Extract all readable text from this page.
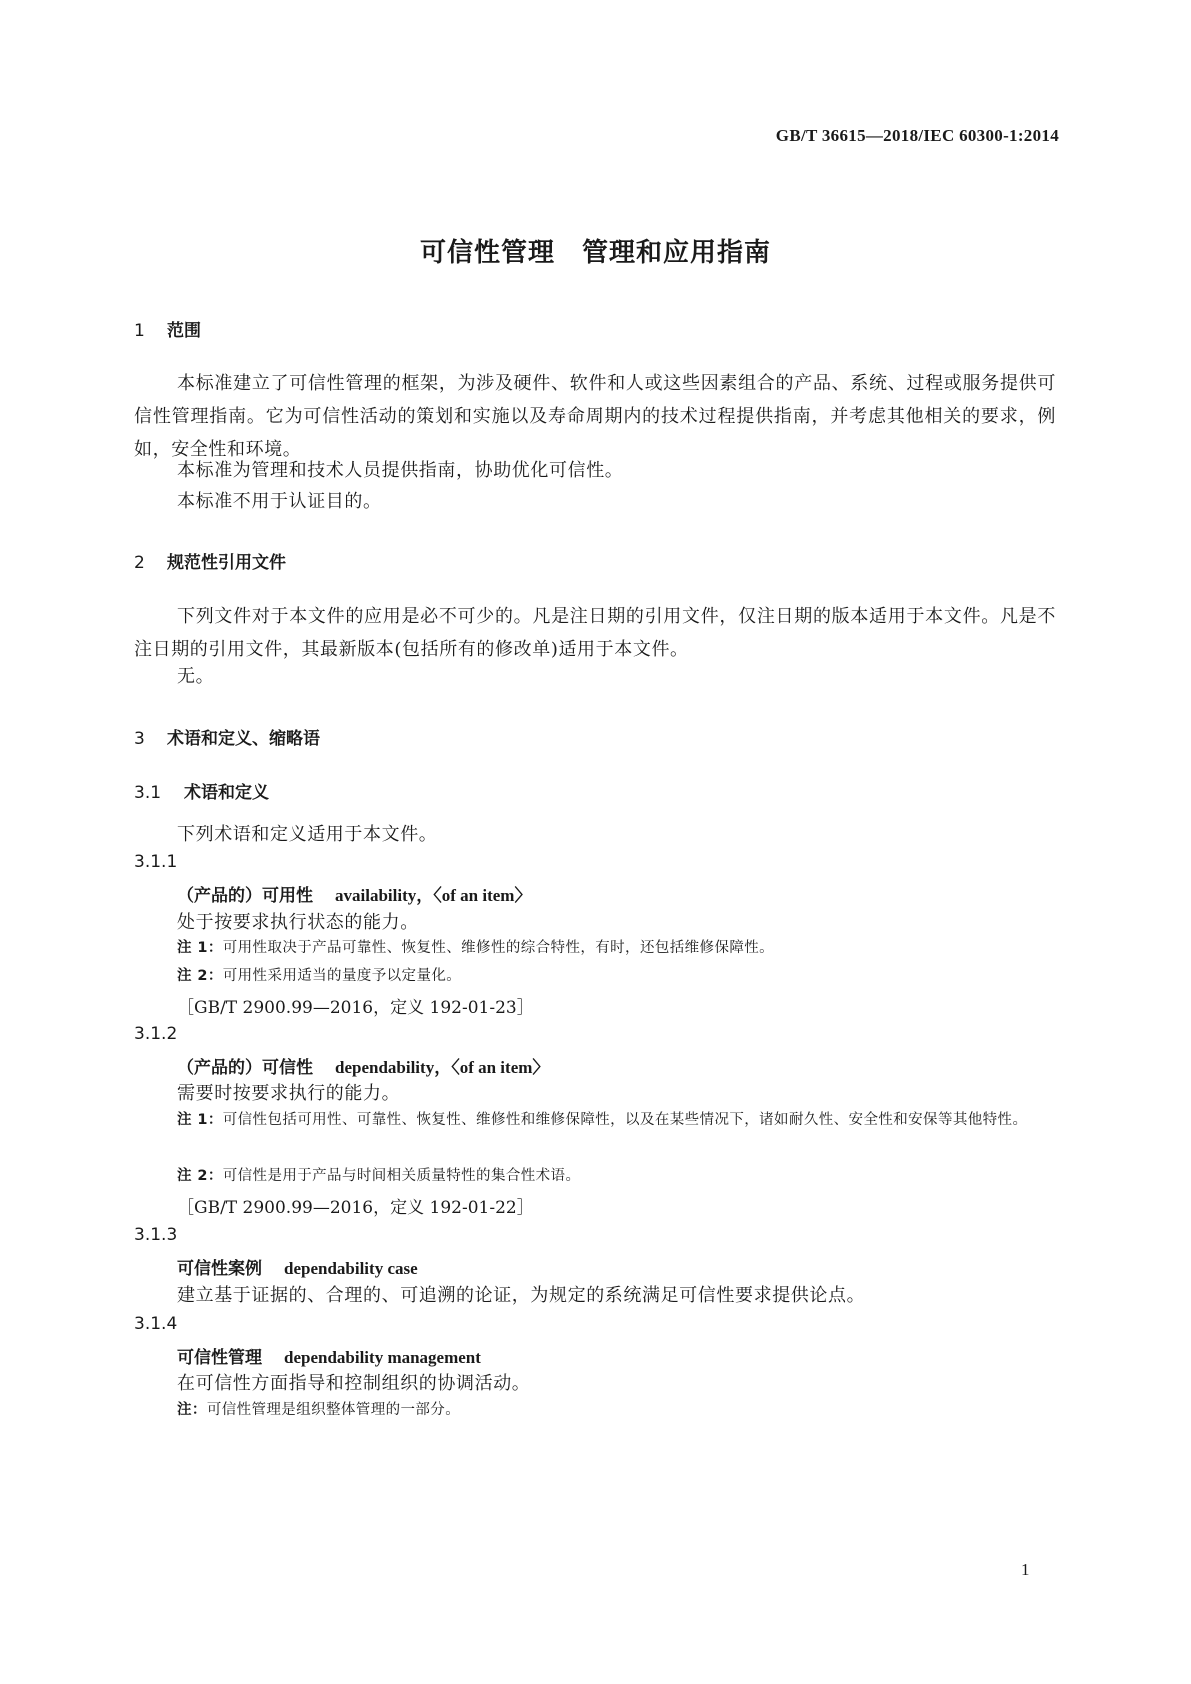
GB/T 36615—2018/IEC 60300-1:2014
可信性管理　管理和应用指南
1 范围
本标准建立了可信性管理的框架，为涉及硬件、软件和人或这些因素组合的产品、系统、过程或服务提供可信性管理指南。它为可信性活动的策划和实施以及寿命周期内的技术过程提供指南，并考虑其他相关的要求，例如，安全性和环境。
本标准为管理和技术人员提供指南，协助优化可信性。
本标准不用于认证目的。
2 规范性引用文件
下列文件对于本文件的应用是必不可少的。凡是注日期的引用文件，仅注日期的版本适用于本文件。凡是不注日期的引用文件，其最新版本(包括所有的修改单)适用于本文件。
无。
3 术语和定义、缩略语
3.1 术语和定义
下列术语和定义适用于本文件。
3.1.1
（产品的）可用性 availability，〈of an item〉
处于按要求执行状态的能力。
注 1：可用性取决于产品可靠性、恢复性、维修性的综合特性，有时，还包括维修保障性。
注 2：可用性采用适当的量度予以定量化。
［GB/T 2900.99—2016，定义 192-01-23］
3.1.2
（产品的）可信性 dependability，〈of an item〉
需要时按要求执行的能力。
注 1：可信性包括可用性、可靠性、恢复性、维修性和维修保障性，以及在某些情况下，诸如耐久性、安全性和安保等其他特性。
注 2：可信性是用于产品与时间相关质量特性的集合性术语。
［GB/T 2900.99—2016，定义 192-01-22］
3.1.3
可信性案例 dependability case
建立基于证据的、合理的、可追溯的论证，为规定的系统满足可信性要求提供论点。
3.1.4
可信性管理 dependability management
在可信性方面指导和控制组织的协调活动。
注：可信性管理是组织整体管理的一部分。
1
